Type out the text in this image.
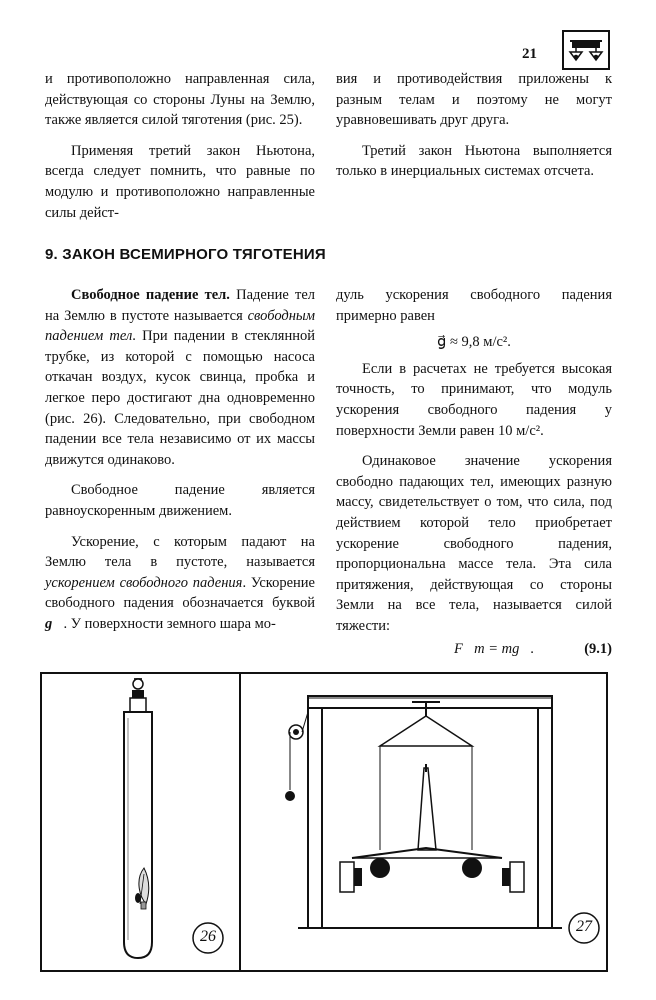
21

и противоположно направленная сила, действующая со стороны Луны на Землю, также является силой тяготения (рис. 25).

Применяя третий закон Ньютона, всегда следует помнить, что равные по модулю и противоположно направленные силы дейст-

вия и противодействия приложены к разным телам и поэтому не могут уравновешивать друг друга.

Третий закон Ньютона выполняется только в инерциальных системах отсчета.

9. ЗАКОН ВСЕМИРНОГО ТЯГОТЕНИЯ

Свободное падение тел. Падение тел на Землю в пустоте называется свободным падением тел. При падении в стеклянной трубке, из которой с помощью насоса откачан воздух, кусок свинца, пробка и легкое перо достигают дна одновременно (рис. 26). Следовательно, при свободном падении все тела независимо от их массы движутся одинаково.

Свободное падение является равноускоренным движением.

Ускорение, с которым падают на Землю тела в пустоте, называется ускорением свободного падения. Ускорение свободного падения обозначается буквой g⃗. У поверхности земного шара мо-

дуль ускорения свободного падения примерно равен

g⃗ ≈ 9,8 м/с².

Если в расчетах не требуется высокая точность, то принимают, что модуль ускорения свободного падения у поверхности Земли равен 10 м/с².

Одинаковое значение ускорения свободно падающих тел, имеющих разную массу, свидетельствует о том, что сила, под действием которой тело приобретает ускорение свободного падения, пропорциональна массе тела. Эта сила притяжения, действующая со стороны Земли на все тела, называется силой тяжести:

F⃗т = mg⃗.	(9.1)

26
27
